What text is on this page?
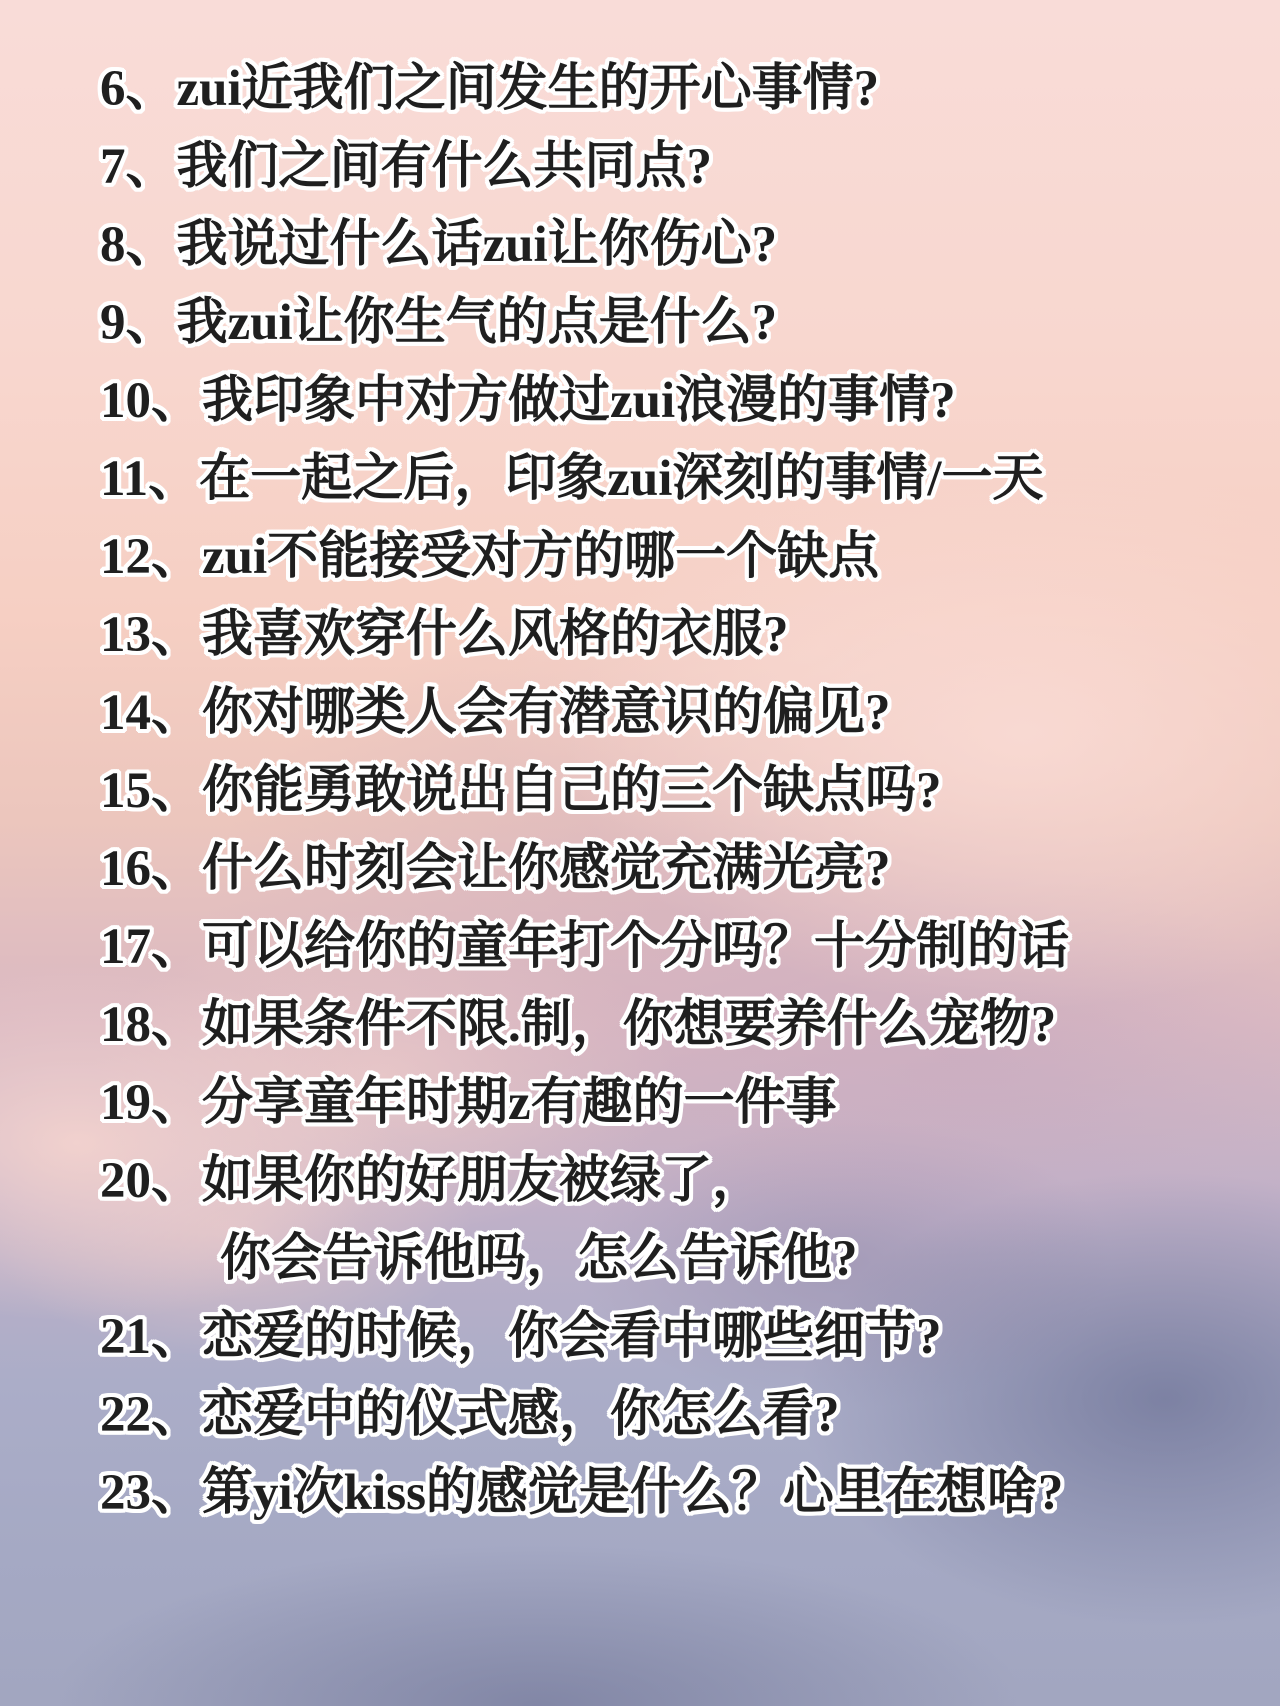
6、zui近我们之间发生的开心事情?
7、我们之间有什么共同点?
8、我说过什么话zui让你伤心?
9、我zui让你生气的点是什么?
10、我印象中对方做过zui浪漫的事情?
11、在一起之后，印象zui深刻的事情/一天
12、zui不能接受对方的哪一个缺点
13、我喜欢穿什么风格的衣服?
14、你对哪类人会有潜意识的偏见?
15、你能勇敢说出自己的三个缺点吗?
16、什么时刻会让你感觉充满光亮?
17、可以给你的童年打个分吗？十分制的话
18、如果条件不限.制，你想要养什么宠物?
19、分享童年时期z有趣的一件事
20、如果你的好朋友被绿了，
你会告诉他吗，怎么告诉他?
21、恋爱的时候，你会看中哪些细节?
22、恋爱中的仪式感，你怎么看?
23、第yi次kiss的感觉是什么？心里在想啥?
